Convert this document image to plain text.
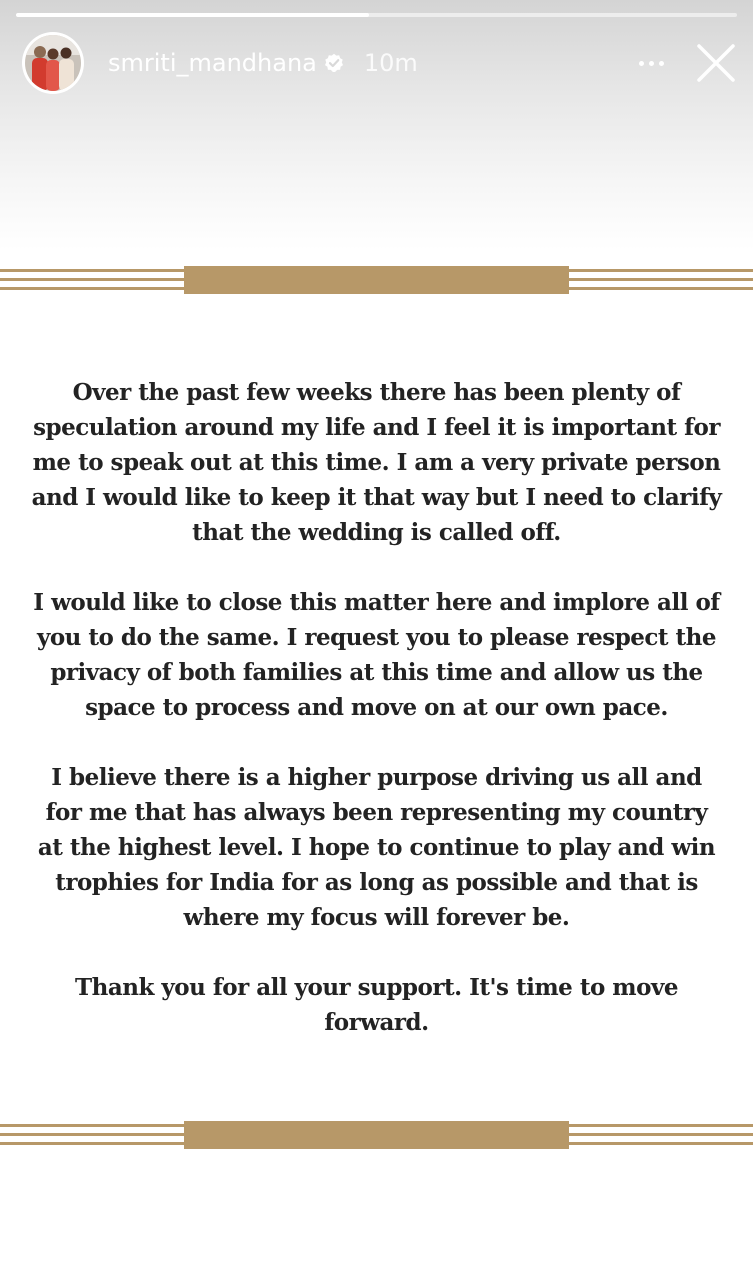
smriti_mandhana 10m

Over the past few weeks there has been plenty of speculation around my life and I feel it is important for me to speak out at this time. I am a very private person and I would like to keep it that way but I need to clarify that the wedding is called off.

I would like to close this matter here and implore all of you to do the same. I request you to please respect the privacy of both families at this time and allow us the space to process and move on at our own pace.

I believe there is a higher purpose driving us all and for me that has always been representing my country at the highest level. I hope to continue to play and win trophies for India for as long as possible and that is where my focus will forever be.

Thank you for all your support. It's time to move forward.
